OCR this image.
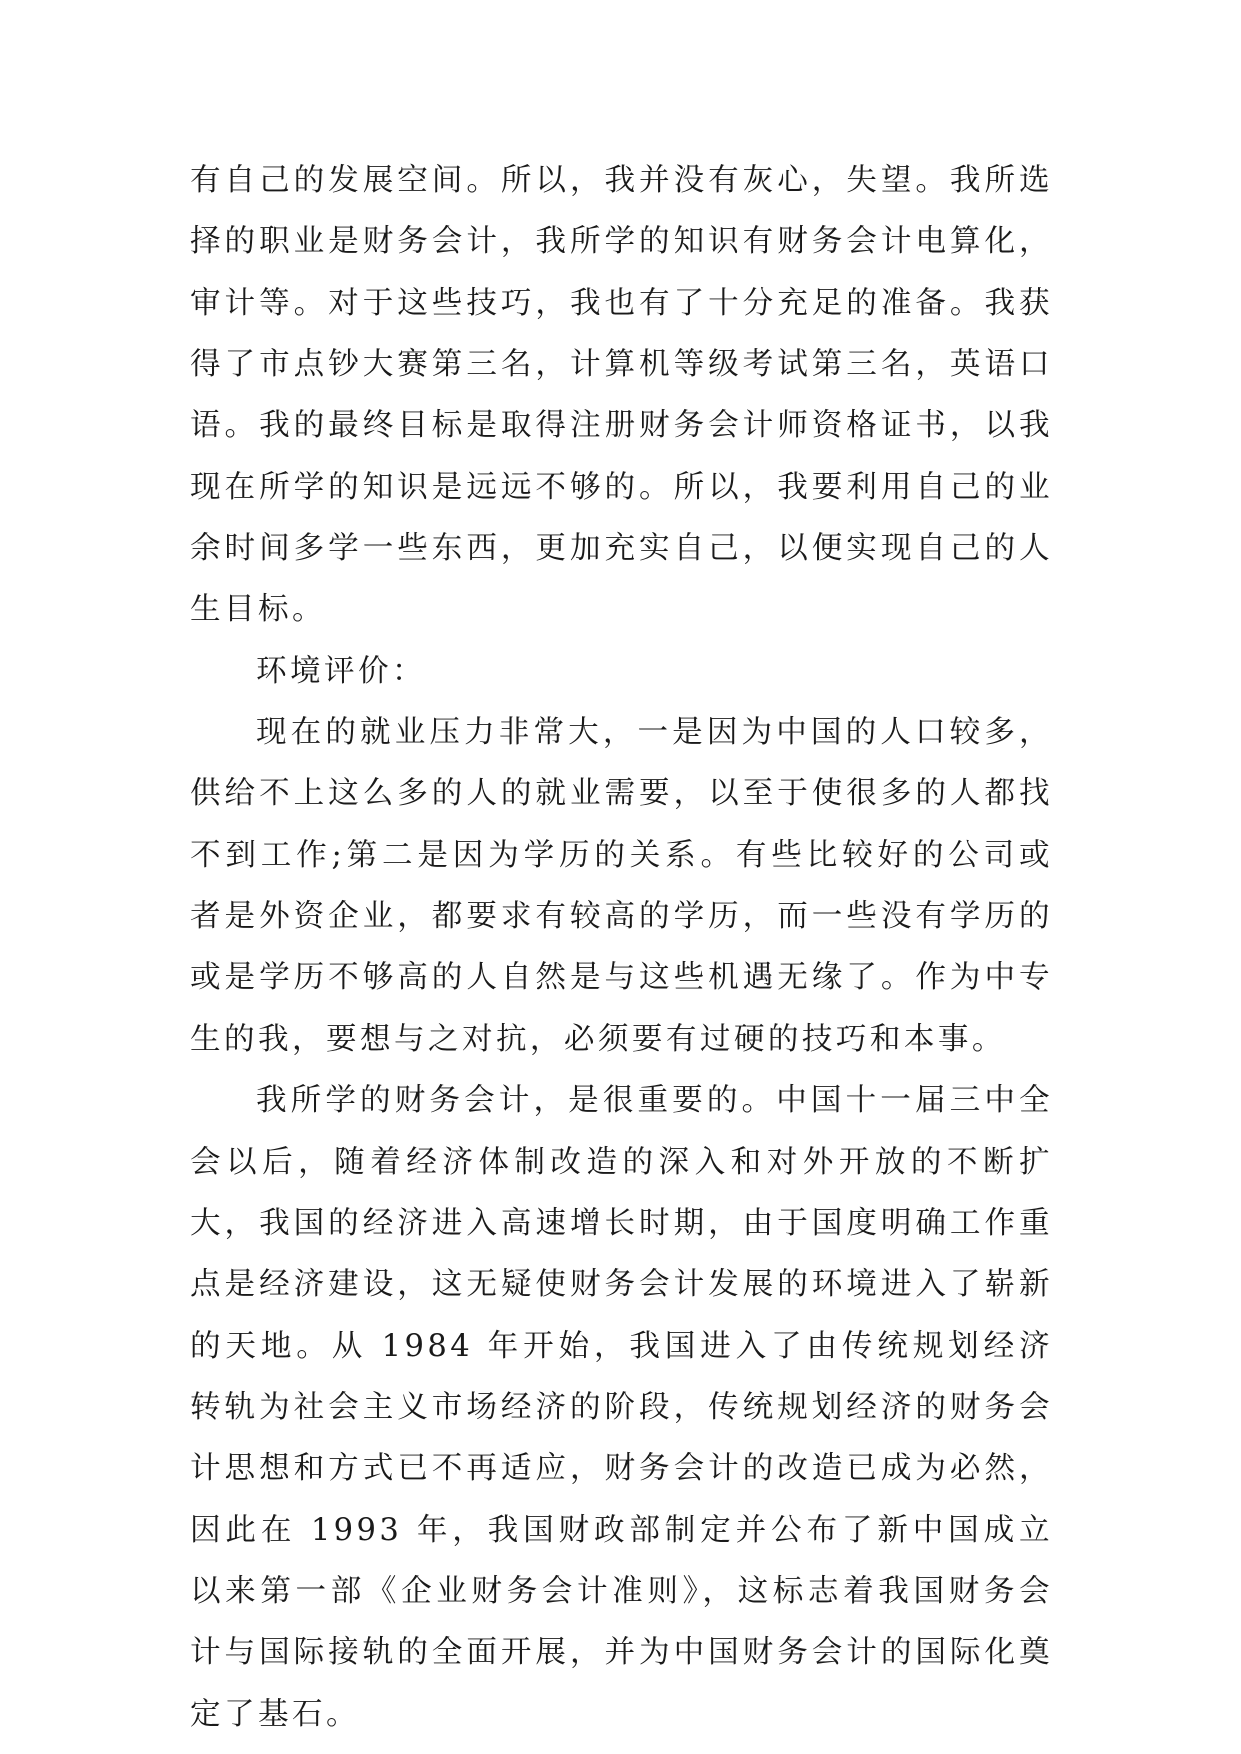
有自己的发展空间。所以，我并没有灰心，失望。我所选择的职业是财务会计，我所学的知识有财务会计电算化，审计等。对于这些技巧，我也有了十分充足的准备。我获得了市点钞大赛第三名，计算机等级考试第三名，英语口语。我的最终目标是取得注册财务会计师资格证书，以我现在所学的知识是远远不够的。所以，我要利用自己的业余时间多学一些东西，更加充实自己，以便实现自己的人生目标。

环境评价：

现在的就业压力非常大，一是因为中国的人口较多，供给不上这么多的人的就业需要，以至于使很多的人都找不到工作;第二是因为学历的关系。有些比较好的公司或者是外资企业，都要求有较高的学历，而一些没有学历的或是学历不够高的人自然是与这些机遇无缘了。作为中专生的我，要想与之对抗，必须要有过硬的技巧和本事。

我所学的财务会计，是很重要的。中国十一届三中全会以后，随着经济体制改造的深入和对外开放的不断扩大，我国的经济进入高速增长时期，由于国度明确工作重点是经济建设，这无疑使财务会计发展的环境进入了崭新的天地。从 1984 年开始，我国进入了由传统规划经济转轨为社会主义市场经济的阶段，传统规划经济的财务会计思想和方式已不再适应，财务会计的改造已成为必然，因此在 1993 年，我国财政部制定并公布了新中国成立以来第一部《企业财务会计准则》，这标志着我国财务会计与国际接轨的全面开展，并为中国财务会计的国际化奠定了基石。
